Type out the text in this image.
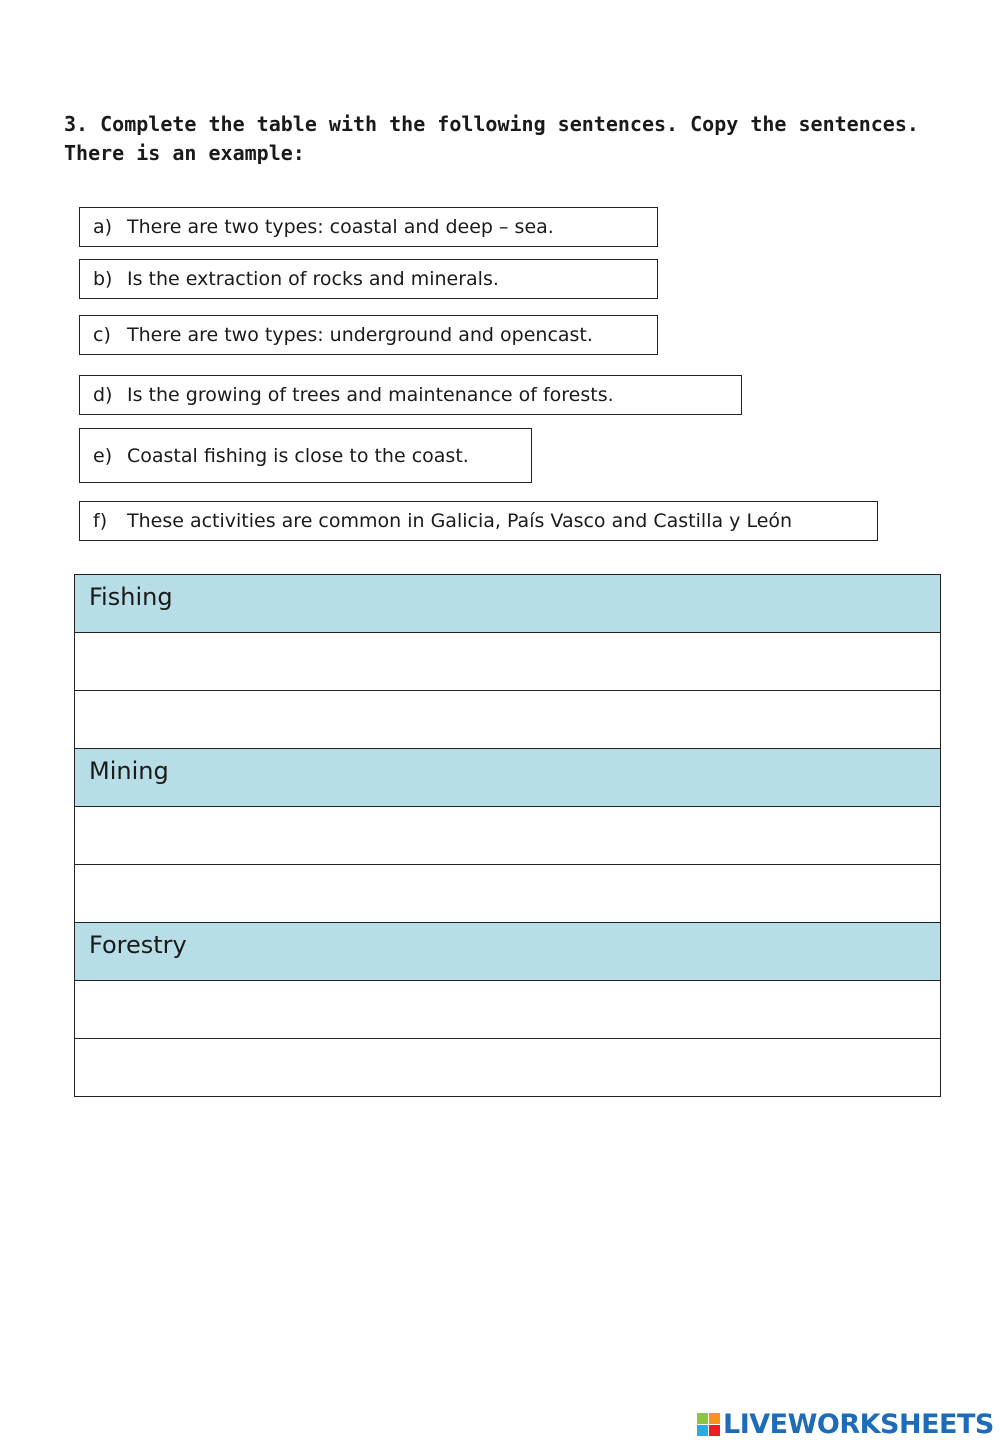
3. Complete the table with the following sentences. Copy the sentences.
There is an example:
a) There are two types: coastal and deep – sea.
b) Is the extraction of rocks and minerals.
c) There are two types: underground and opencast.
d) Is the growing of trees and maintenance of forests.
e) Coastal fishing is close to the coast.
f)	These activities are common in Galicia, País Vasco and Castilla y León
Fishing

Mining

Forestry

LIVEWORKSHEETS
